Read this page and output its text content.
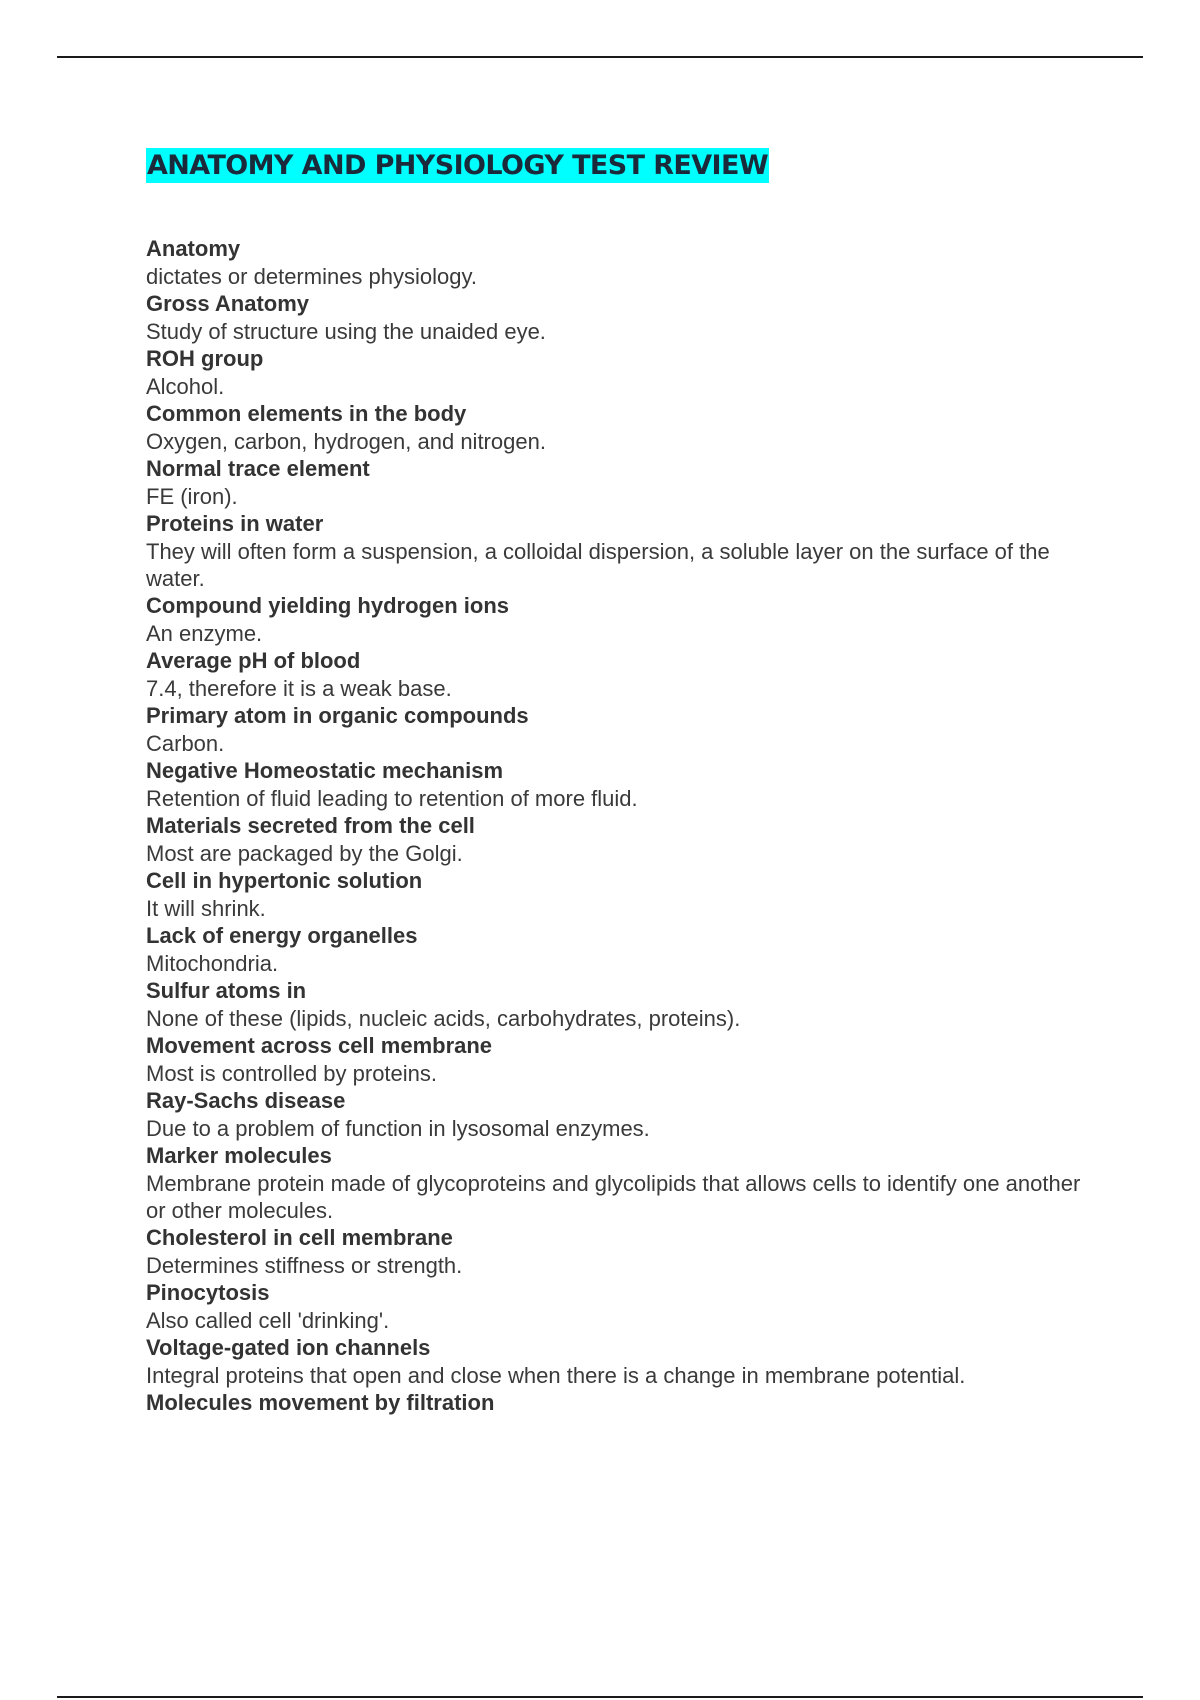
ANATOMY AND PHYSIOLOGY TEST REVIEW
Anatomy
dictates or determines physiology.
Gross Anatomy
Study of structure using the unaided eye.
ROH group
Alcohol.
Common elements in the body
Oxygen, carbon, hydrogen, and nitrogen.
Normal trace element
FE (iron).
Proteins in water
They will often form a suspension, a colloidal dispersion, a soluble layer on the surface of the water.
Compound yielding hydrogen ions
An enzyme.
Average pH of blood
7.4, therefore it is a weak base.
Primary atom in organic compounds
Carbon.
Negative Homeostatic mechanism
Retention of fluid leading to retention of more fluid.
Materials secreted from the cell
Most are packaged by the Golgi.
Cell in hypertonic solution
It will shrink.
Lack of energy organelles
Mitochondria.
Sulfur atoms in
None of these (lipids, nucleic acids, carbohydrates, proteins).
Movement across cell membrane
Most is controlled by proteins.
Ray-Sachs disease
Due to a problem of function in lysosomal enzymes.
Marker molecules
Membrane protein made of glycoproteins and glycolipids that allows cells to identify one another or other molecules.
Cholesterol in cell membrane
Determines stiffness or strength.
Pinocytosis
Also called cell 'drinking'.
Voltage-gated ion channels
Integral proteins that open and close when there is a change in membrane potential.
Molecules movement by filtration
